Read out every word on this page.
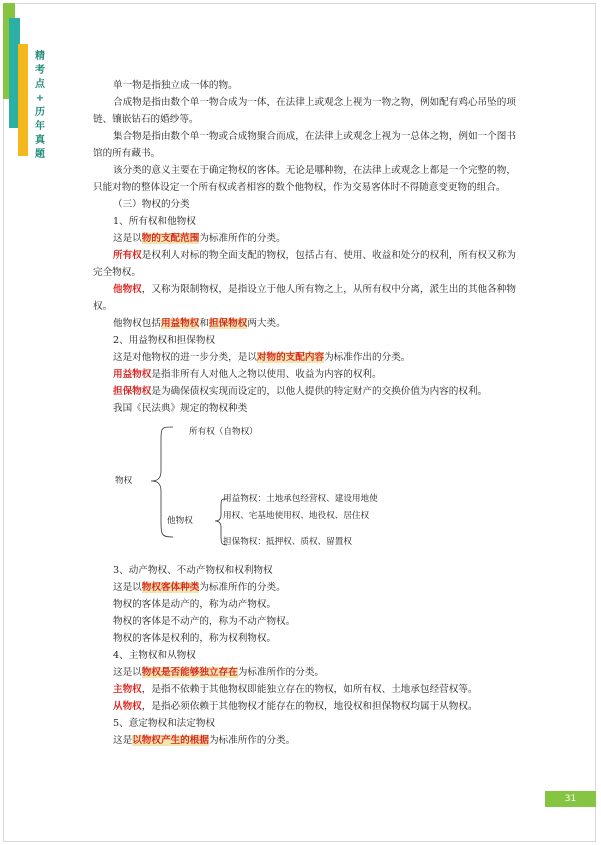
精
考
点
+
历
年
真
题

单一物是指独立成一体的物。

合成物是指由数个单一物合成为一体，在法律上或观念上视为一物之物，例如配有鸡心吊坠的项链、镶嵌钻石的婚纱等。

集合物是指由数个单一物或合成物聚合而成，在法律上或观念上视为一总体之物，例如一个图书馆的所有藏书。

该分类的意义主要在于确定物权的客体。无论是哪种物，在法律上或观念上都是一个完整的物，只能对物的整体设定一个所有权或者相容的数个他物权，作为交易客体时不得随意变更物的组合。

（三）物权的分类

1、所有权和他物权

这是以物的支配范围为标准所作的分类。

所有权是权利人对标的物全面支配的物权，包括占有、使用、收益和处分的权利，所有权又称为完全物权。

他物权，又称为限制物权，是指设立于他人所有物之上，从所有权中分离，派生出的其他各种物权。

他物权包括用益物权和担保物权两大类。

2、用益物权和担保物权

这是对他物权的进一步分类，是以对物的支配内容为标准作出的分类。

用益物权是指非所有人对他人之物以使用、收益为内容的权利。

担保物权是为确保债权实现而设定的，以他人提供的特定财产的交换价值为内容的权利。

我国《民法典》规定的物权种类

所有权（自物权）
物权
他物权
用益物权：土地承包经营权、建设用地使
用权、宅基地使用权、地役权、居住权
担保物权：抵押权、质权、留置权

3、动产物权、不动产物权和权利物权

这是以物权客体种类为标准所作的分类。

物权的客体是动产的，称为动产物权。

物权的客体是不动产的，称为不动产物权。

物权的客体是权利的，称为权利物权。

4、主物权和从物权

这是以物权是否能够独立存在为标准所作的分类。

主物权，是指不依赖于其他物权即能独立存在的物权，如所有权、土地承包经营权等。

从物权，是指必须依赖于其他物权才能存在的物权，地役权和担保物权均属于从物权。

5、意定物权和法定物权

这是以物权产生的根据为标准所作的分类。

31
